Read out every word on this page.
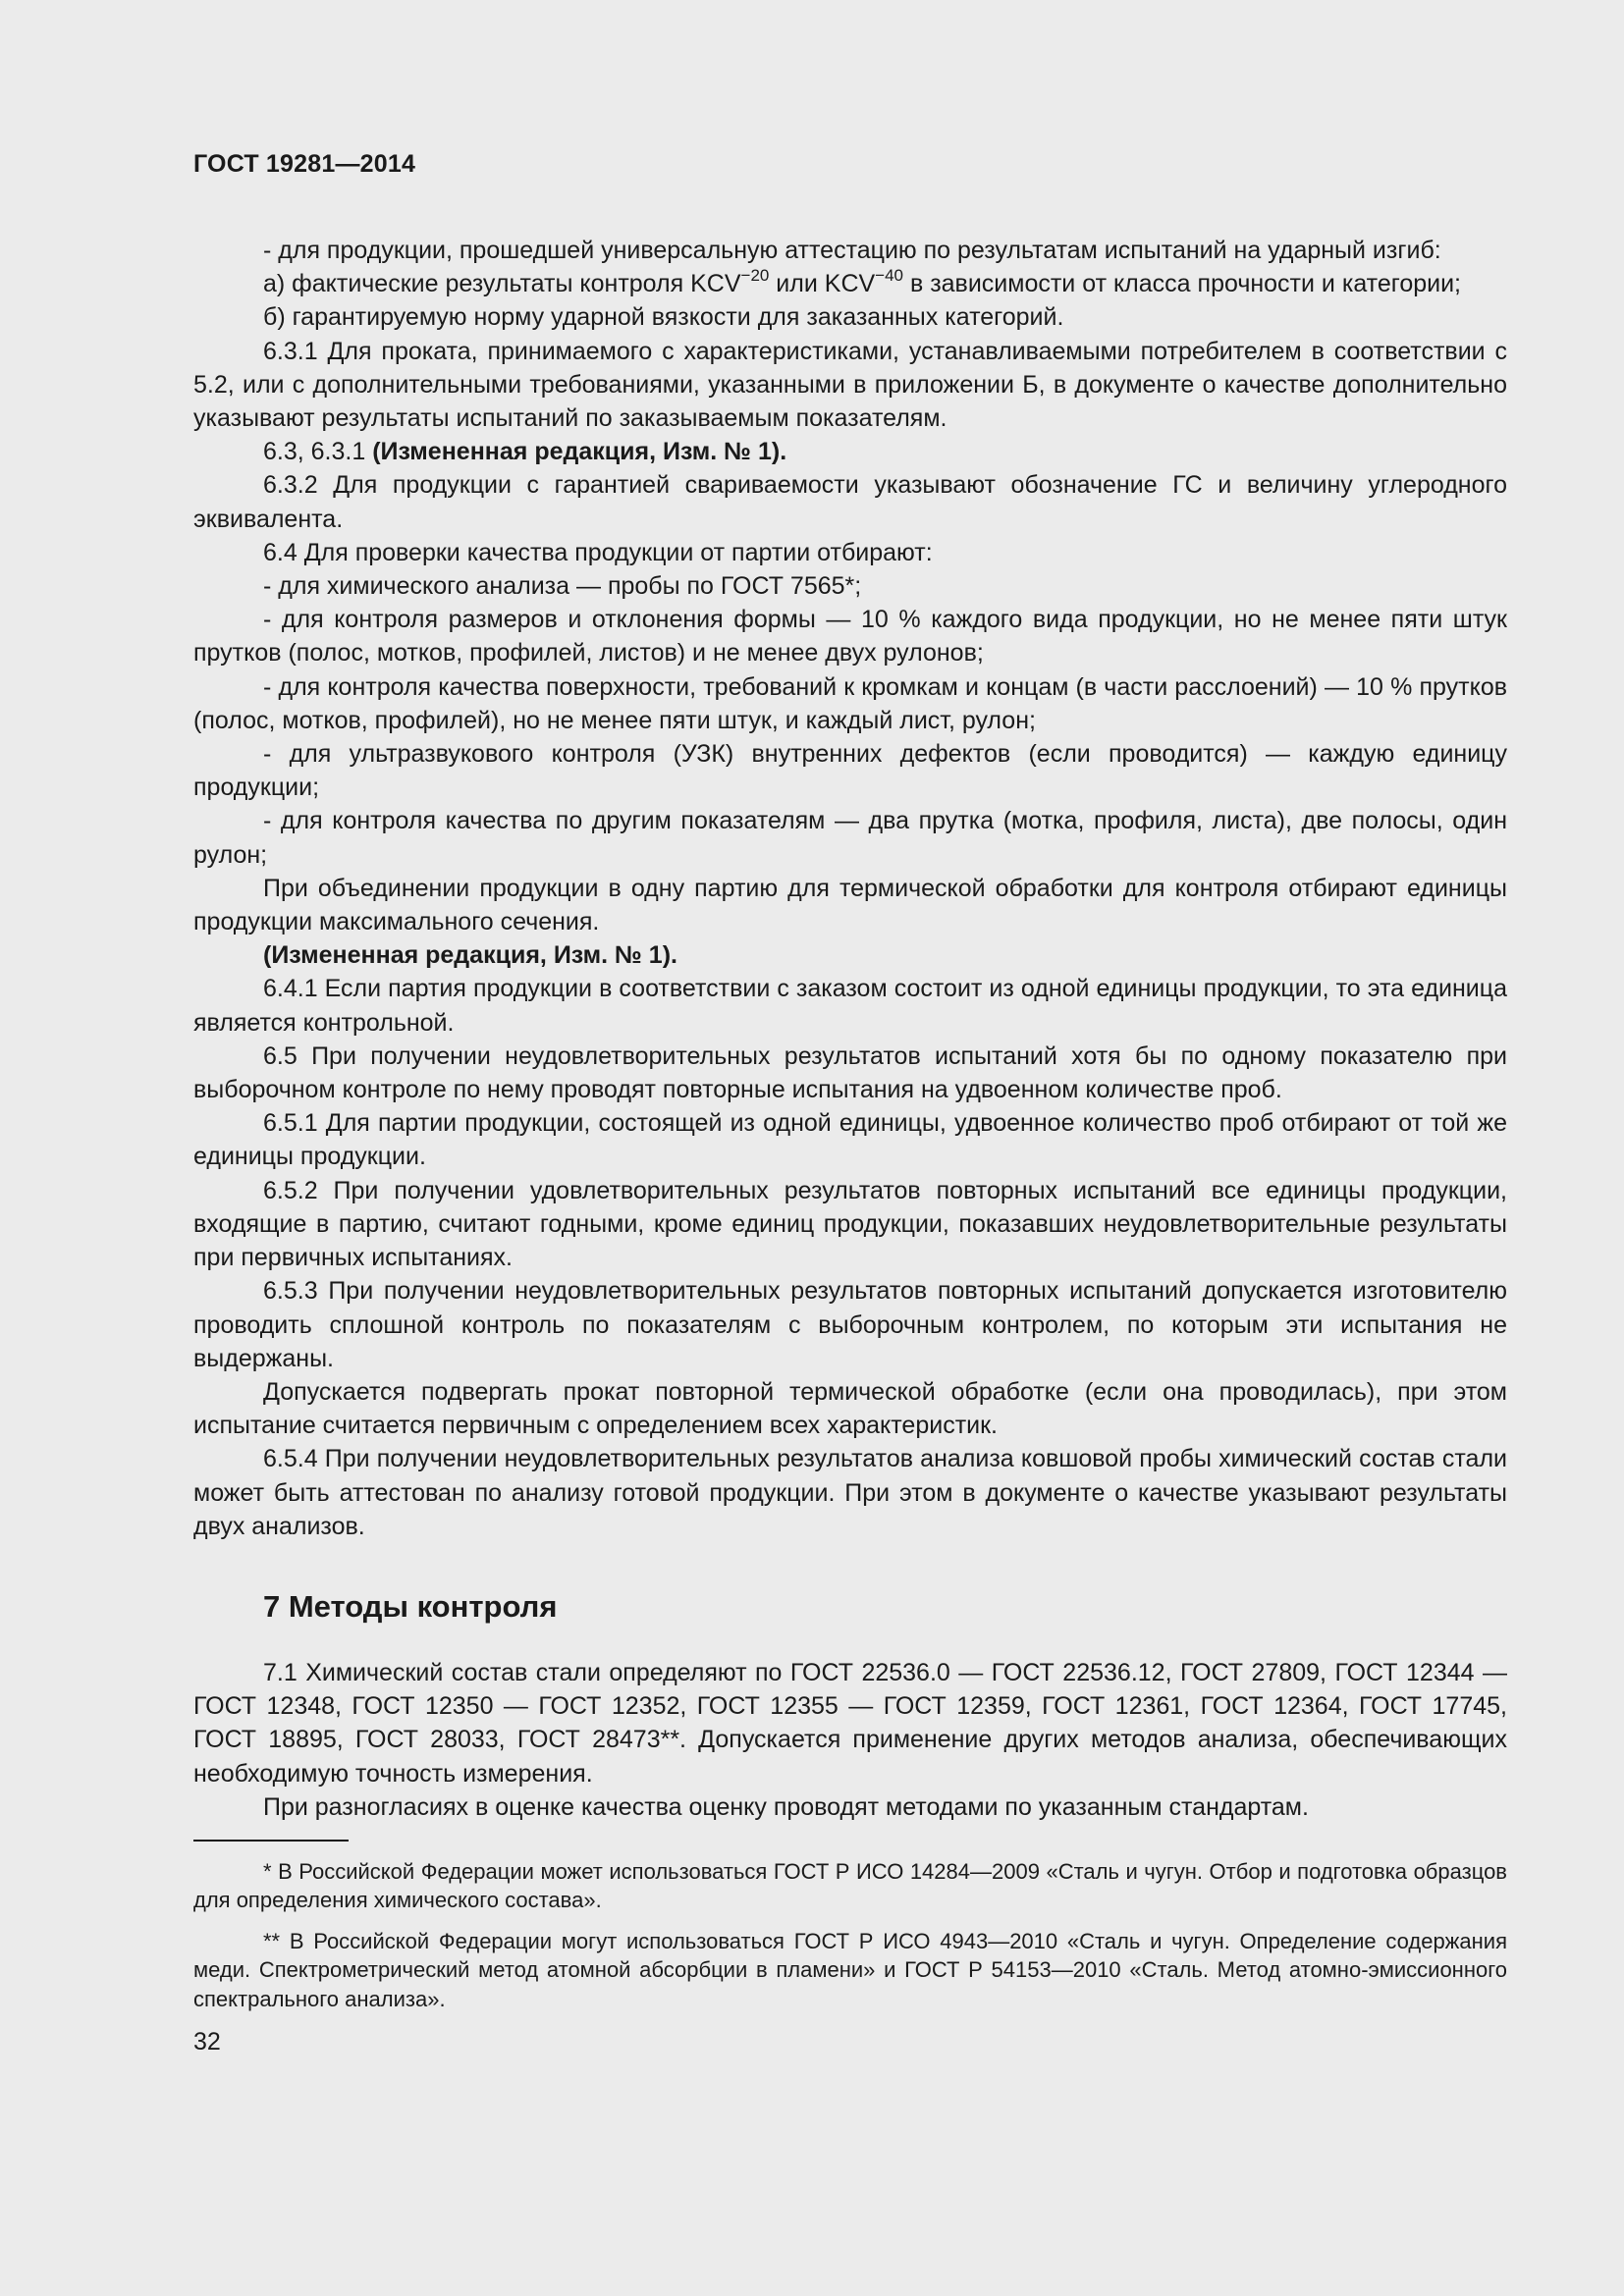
ГОСТ 19281—2014

- для продукции, прошедшей универсальную аттестацию по результатам испытаний на ударный изгиб:

а) фактические результаты контроля $KCV^{-20}$ или $KCV^{-40}$ в зависимости от класса прочности и категории;

б) гарантируемую норму ударной вязкости для заказанных категорий.

6.3.1 Для проката, принимаемого с характеристиками, устанавливаемыми потребителем в соответствии с 5.2, или с дополнительными требованиями, указанными в приложении Б, в документе о качестве дополнительно указывают результаты испытаний по заказываемым показателям.

6.3, 6.3.1 (Измененная редакция, Изм. № 1).

6.3.2 Для продукции с гарантией свариваемости указывают обозначение ГС и величину углеродного эквивалента.

6.4 Для проверки качества продукции от партии отбирают:

- для химического анализа — пробы по ГОСТ 7565*;

- для контроля размеров и отклонения формы — 10 % каждого вида продукции, но не менее пяти штук прутков (полос, мотков, профилей, листов) и не менее двух рулонов;

- для контроля качества поверхности, требований к кромкам и концам (в части расслоений) — 10 % прутков (полос, мотков, профилей), но не менее пяти штук, и каждый лист, рулон;

- для ультразвукового контроля (УЗК) внутренних дефектов (если проводится) — каждую единицу продукции;

- для контроля качества по другим показателям — два прутка (мотка, профиля, листа), две полосы, один рулон;

При объединении продукции в одну партию для термической обработки для контроля отбирают единицы продукции максимального сечения.

(Измененная редакция, Изм. № 1).

6.4.1 Если партия продукции в соответствии с заказом состоит из одной единицы продукции, то эта единица является контрольной.

6.5 При получении неудовлетворительных результатов испытаний хотя бы по одному показателю при выборочном контроле по нему проводят повторные испытания на удвоенном количестве проб.

6.5.1 Для партии продукции, состоящей из одной единицы, удвоенное количество проб отбирают от той же единицы продукции.

6.5.2 При получении удовлетворительных результатов повторных испытаний все единицы продукции, входящие в партию, считают годными, кроме единиц продукции, показавших неудовлетворительные результаты при первичных испытаниях.

6.5.3 При получении неудовлетворительных результатов повторных испытаний допускается изготовителю проводить сплошной контроль по показателям с выборочным контролем, по которым эти испытания не выдержаны.

Допускается подвергать прокат повторной термической обработке (если она проводилась), при этом испытание считается первичным с определением всех характеристик.

6.5.4 При получении неудовлетворительных результатов анализа ковшовой пробы химический состав стали может быть аттестован по анализу готовой продукции. При этом в документе о качестве указывают результаты двух анализов.

7 Методы контроля

7.1 Химический состав стали определяют по ГОСТ 22536.0 — ГОСТ 22536.12, ГОСТ 27809, ГОСТ 12344 — ГОСТ 12348, ГОСТ 12350 — ГОСТ 12352, ГОСТ 12355 — ГОСТ 12359, ГОСТ 12361, ГОСТ 12364, ГОСТ 17745, ГОСТ 18895, ГОСТ 28033, ГОСТ 28473**. Допускается применение других методов анализа, обеспечивающих необходимую точность измерения.

При разногласиях в оценке качества оценку проводят методами по указанным стандартам.

* В Российской Федерации может использоваться ГОСТ Р ИСО 14284—2009 «Сталь и чугун. Отбор и подготовка образцов для определения химического состава».

** В Российской Федерации могут использоваться ГОСТ Р ИСО 4943—2010 «Сталь и чугун. Определение содержания меди. Спектрометрический метод атомной абсорбции в пламени» и ГОСТ Р 54153—2010 «Сталь. Метод атомно-эмиссионного спектрального анализа».

32
